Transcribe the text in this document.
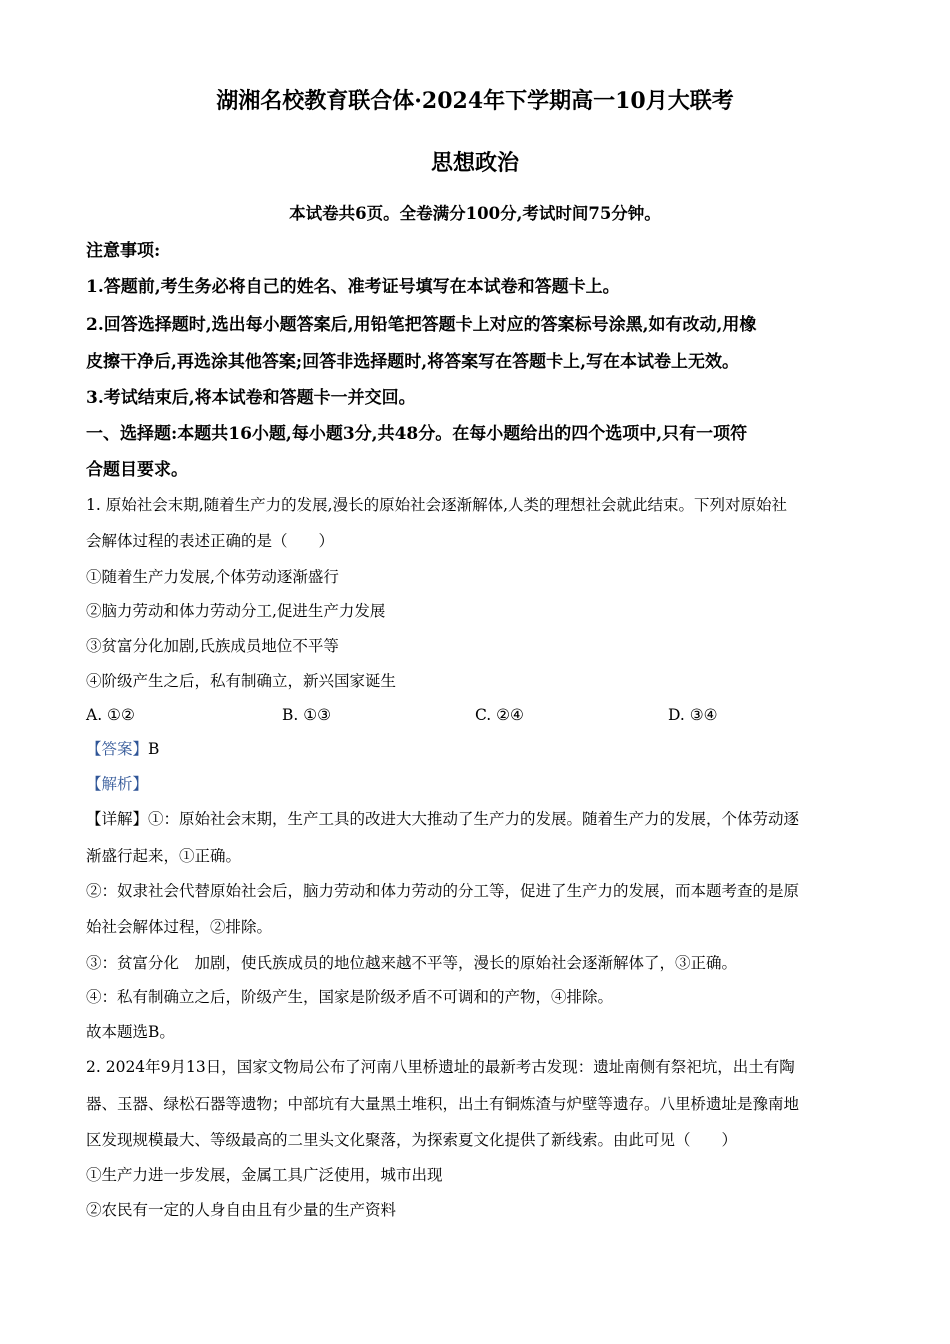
湖湘名校教育联合体·2024年下学期高一10月大联考
思想政治
本试卷共6页。全卷满分100分,考试时间75分钟。
注意事项:
1.答题前,考生务必将自己的姓名、准考证号填写在本试卷和答题卡上。
2.回答选择题时,选出每小题答案后,用铅笔把答题卡上对应的答案标号涂黑,如有改动,用橡
皮擦干净后,再选涂其他答案;回答非选择题时,将答案写在答题卡上,写在本试卷上无效。
3.考试结束后,将本试卷和答题卡一并交回。
一、选择题:本题共16小题,每小题3分,共48分。在每小题给出的四个选项中,只有一项符
合题目要求。
1. 原始社会末期,随着生产力的发展,漫长的原始社会逐渐解体,人类的理想社会就此结束。下列对原始社
会解体过程的表述正确的是（　　）
①随着生产力发展,个体劳动逐渐盛行
②脑力劳动和体力劳动分工,促进生产力发展
③贫富分化加剧,氏族成员地位不平等
④阶级产生之后，私有制确立，新兴国家诞生
A. ①②	B. ①③	C. ②④	D. ③④
【答案】B
【解析】
【详解】①：原始社会末期，生产工具的改进大大推动了生产力的发展。随着生产力的发展，个体劳动逐
渐盛行起来，①正确。
②：奴隶社会代替原始社会后，脑力劳动和体力劳动的分工等，促进了生产力的发展，而本题考查的是原
始社会解体过程，②排除。
③：贫富分化　加剧，使氏族成员的地位越来越不平等，漫长的原始社会逐渐解体了，③正确。
④：私有制确立之后，阶级产生，国家是阶级矛盾不可调和的产物，④排除。
故本题选B。
2. 2024年9月13日，国家文物局公布了河南八里桥遗址的最新考古发现：遗址南侧有祭祀坑，出土有陶
器、玉器、绿松石器等遗物；中部坑有大量黑土堆积，出土有铜炼渣与炉壁等遗存。八里桥遗址是豫南地
区发现规模最大、等级最高的二里头文化聚落，为探索夏文化提供了新线索。由此可见（　　）
①生产力进一步发展，金属工具广泛使用，城市出现
②农民有一定的人身自由且有少量的生产资料
